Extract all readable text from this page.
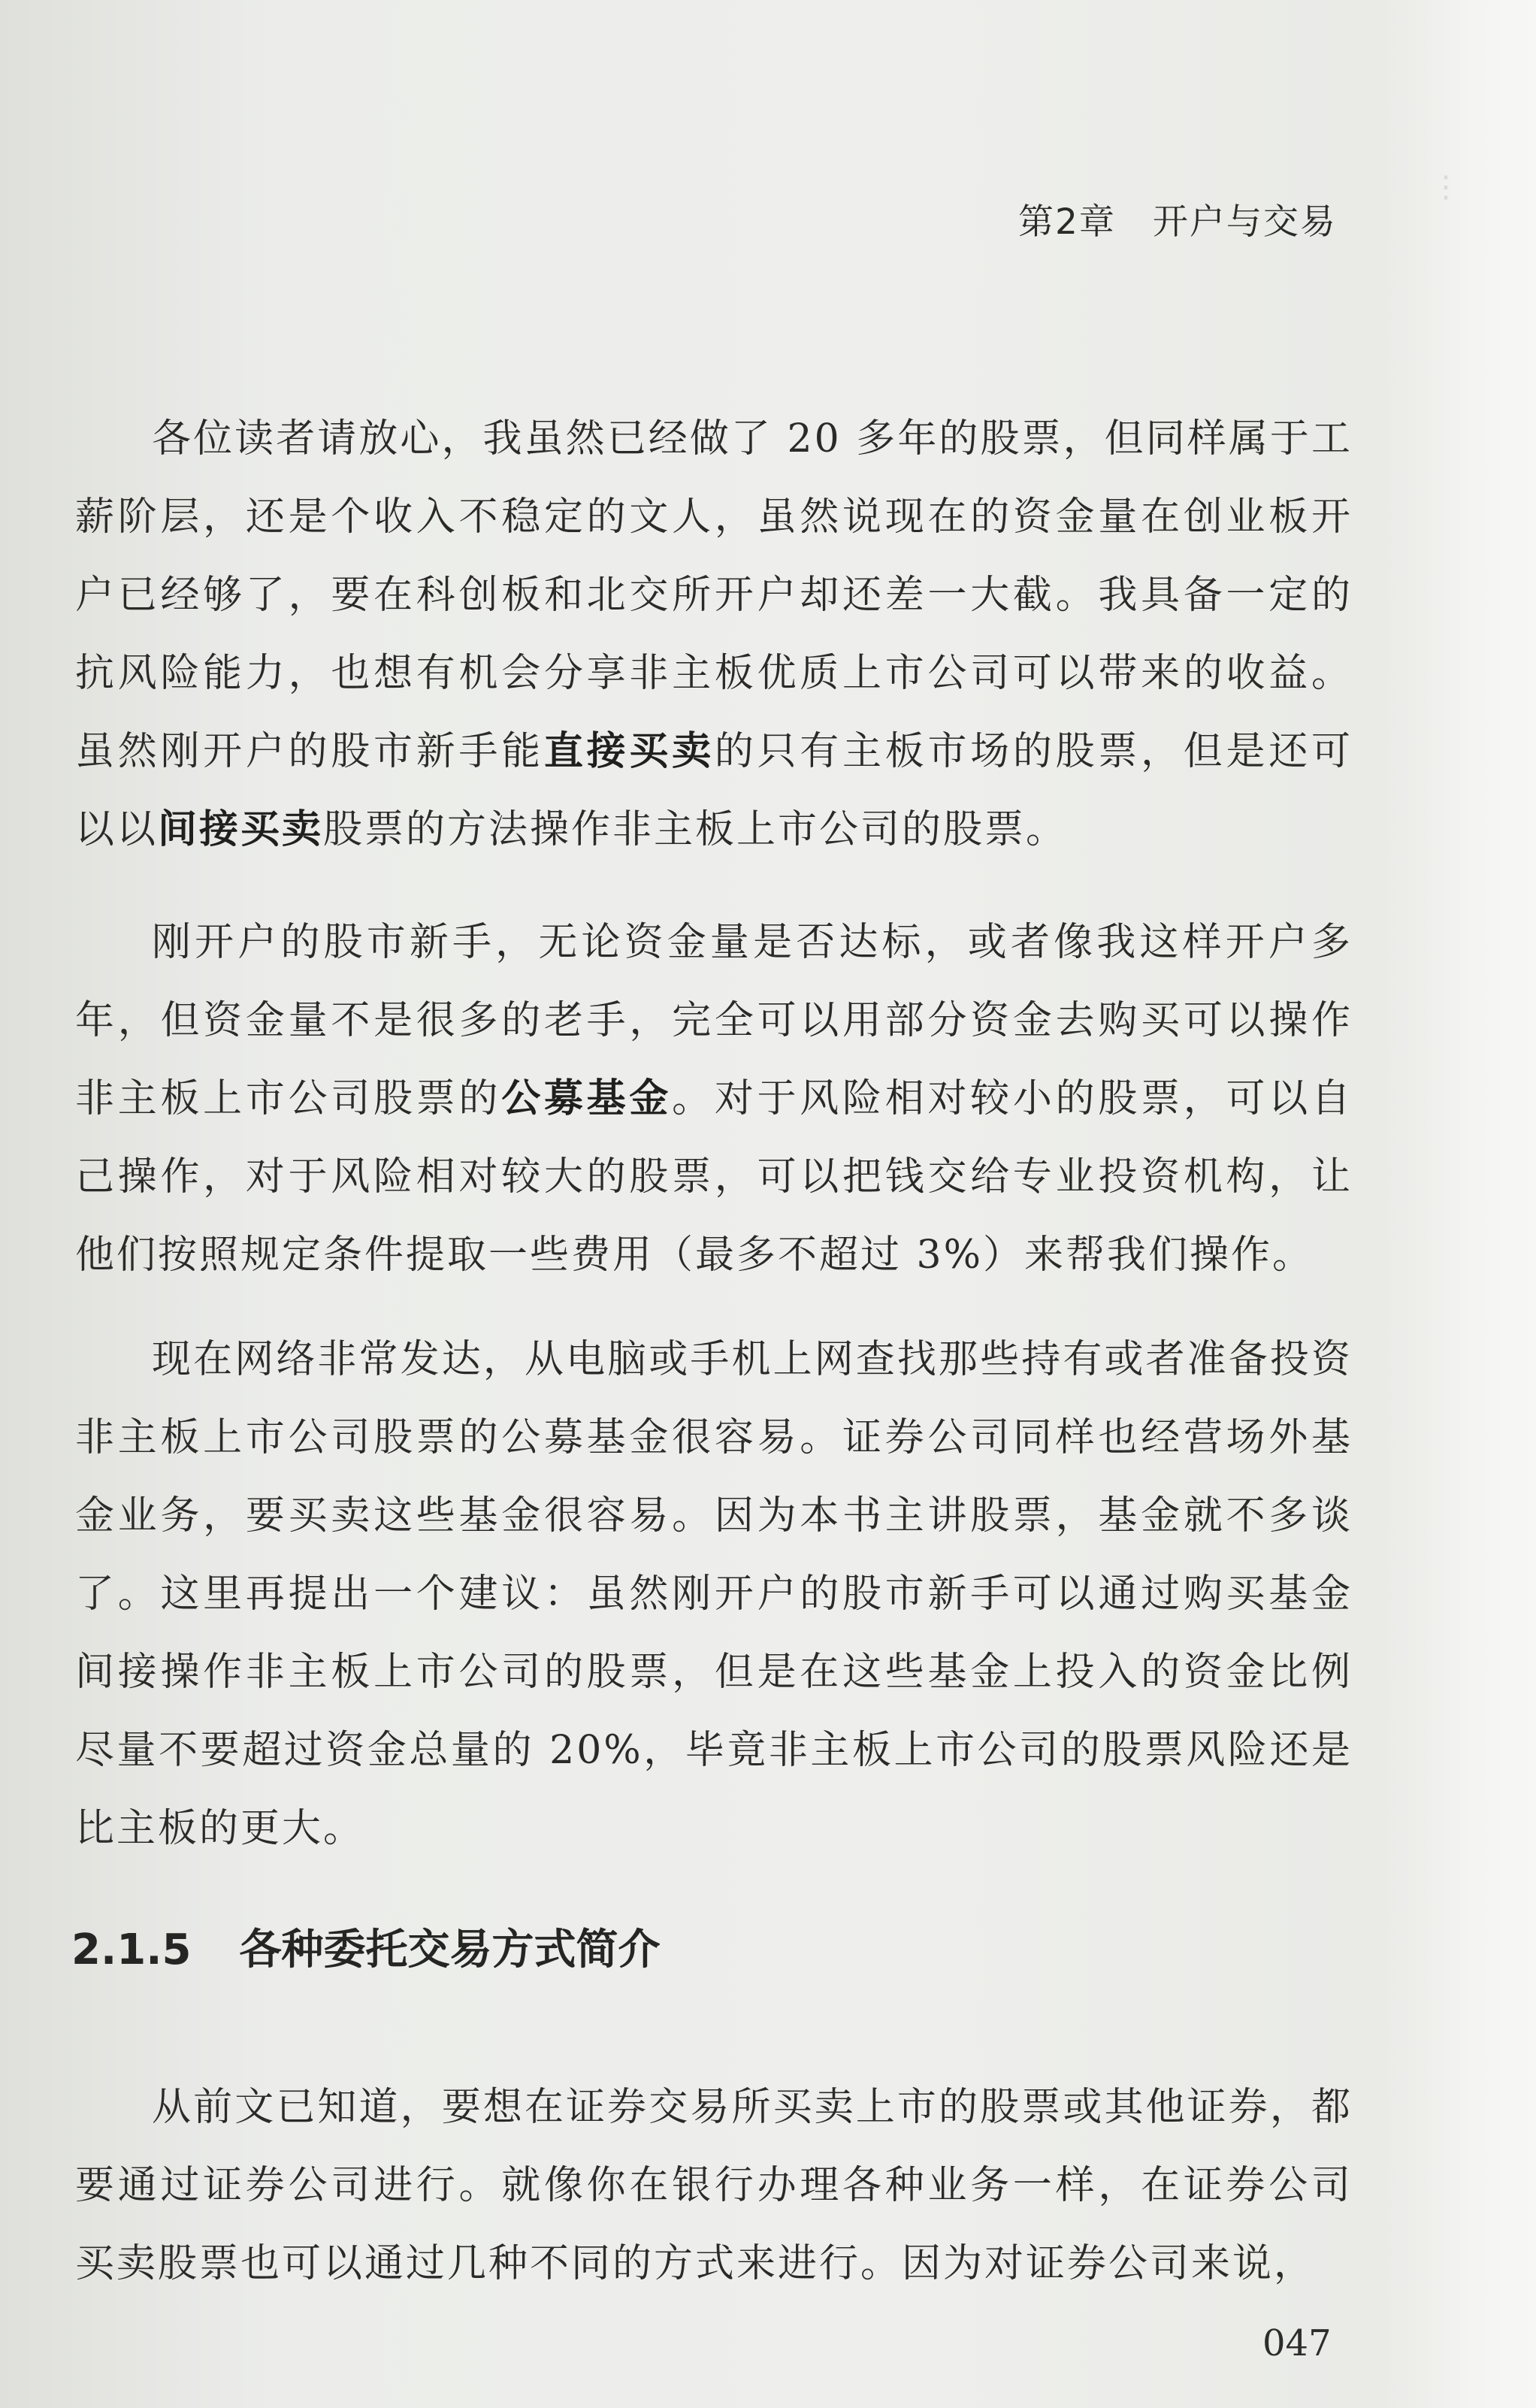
⋮
第2章　开户与交易

各位读者请放心，我虽然已经做了 20 多年的股票，但同样属于工薪阶层，还是个收入不稳定的文人，虽然说现在的资金量在创业板开户已经够了，要在科创板和北交所开户却还差一大截。我具备一定的抗风险能力，也想有机会分享非主板优质上市公司可以带来的收益。虽然刚开户的股市新手能直接买卖的只有主板市场的股票，但是还可以以间接买卖股票的方法操作非主板上市公司的股票。

刚开户的股市新手，无论资金量是否达标，或者像我这样开户多年，但资金量不是很多的老手，完全可以用部分资金去购买可以操作非主板上市公司股票的公募基金。对于风险相对较小的股票，可以自己操作，对于风险相对较大的股票，可以把钱交给专业投资机构，让他们按照规定条件提取一些费用（最多不超过 3%）来帮我们操作。

现在网络非常发达，从电脑或手机上网查找那些持有或者准备投资非主板上市公司股票的公募基金很容易。证券公司同样也经营场外基金业务，要买卖这些基金很容易。因为本书主讲股票，基金就不多谈了。这里再提出一个建议：虽然刚开户的股市新手可以通过购买基金间接操作非主板上市公司的股票，但是在这些基金上投入的资金比例尽量不要超过资金总量的 20%，毕竟非主板上市公司的股票风险还是比主板的更大。

2.1.5 各种委托交易方式简介

从前文已知道，要想在证券交易所买卖上市的股票或其他证券，都要通过证券公司进行。就像你在银行办理各种业务一样，在证券公司买卖股票也可以通过几种不同的方式来进行。因为对证券公司来说，

047
